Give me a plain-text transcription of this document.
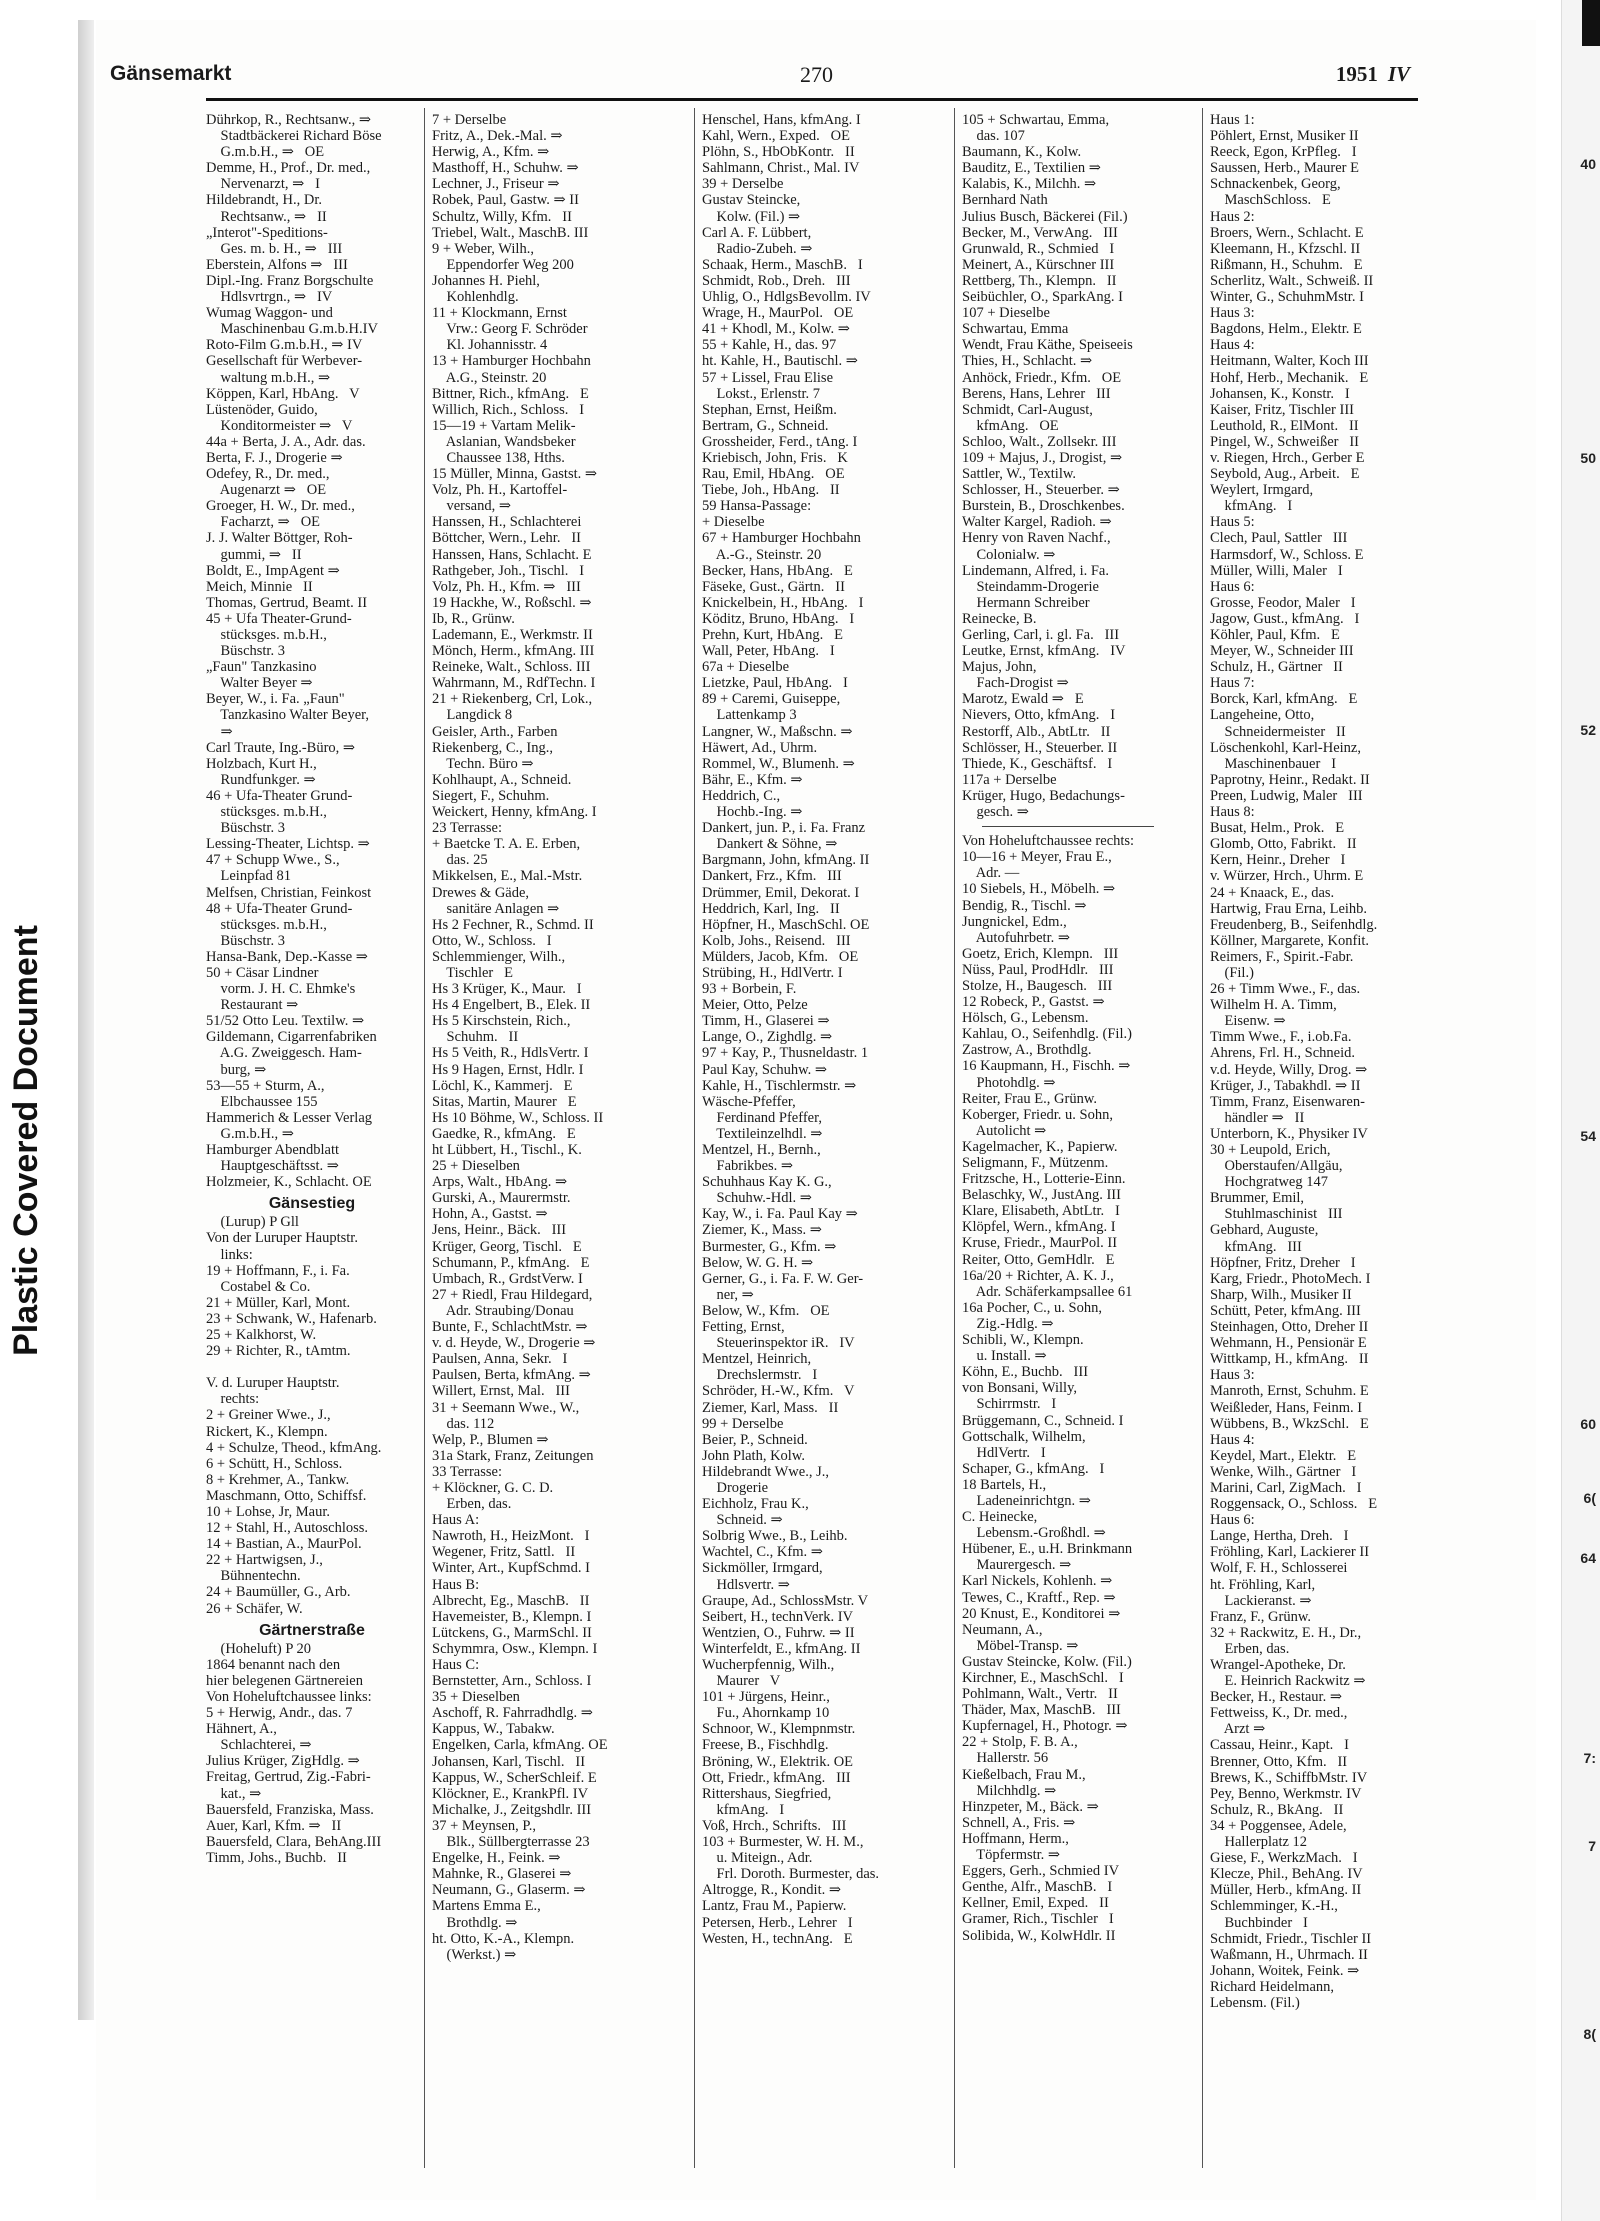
Plastic Covered Document
40
50
52
54
60
6(
64
7:
7
8(
Gänsemarkt	270	1951 IV
Dührkop, R., Rechtsanw., ⇒
Stadtbäckerei Richard Böse
G.m.b.H., ⇒   OE
Demme, H., Prof., Dr. med.,
Nervenarzt, ⇒   I
Hildebrandt, H., Dr.
Rechtsanw., ⇒   II
„Interot"-Speditions-
Ges. m. b. H., ⇒   III
Eberstein, Alfons ⇒   III
Dipl.-Ing. Franz Borgschulte
Hdlsvrtrgn., ⇒   IV
Wumag Waggon- und
Maschinenbau G.m.b.H.IV
Roto-Film G.m.b.H., ⇒ IV
Gesellschaft für Werbever-
waltung m.b.H., ⇒
Köppen, Karl, HbAng.   V
Lüstenöder, Guido,
Konditormeister ⇒   V
44a + Berta, J. A., Adr. das.
Berta, F. J., Drogerie ⇒
Odefey, R., Dr. med.,
Augenarzt ⇒   OE
Groeger, H. W., Dr. med.,
Facharzt, ⇒   OE
J. J. Walter Böttger, Roh-
gummi, ⇒   II
Boldt, E., ImpAgent ⇒
Meich, Minnie   II
Thomas, Gertrud, Beamt. II
45 + Ufa Theater-Grund-
stücksges. m.b.H.,
Büschstr. 3
„Faun" Tanzkasino
Walter Beyer ⇒
Beyer, W., i. Fa. „Faun"
Tanzkasino Walter Beyer,
⇒
Carl Traute, Ing.-Büro, ⇒
Holzbach, Kurt H.,
Rundfunkger. ⇒
46 + Ufa-Theater Grund-
stücksges. m.b.H.,
Büschstr. 3
Lessing-Theater, Lichtsp. ⇒
47 + Schupp Wwe., S.,
Leinpfad 81
Melfsen, Christian, Feinkost
48 + Ufa-Theater Grund-
stücksges. m.b.H.,
Büschstr. 3
Hansa-Bank, Dep.-Kasse ⇒
50 + Cäsar Lindner
vorm. J. H. C. Ehmke's
Restaurant ⇒
51/52 Otto Leu. Textilw. ⇒
Gildemann, Cigarrenfabriken
A.G. Zweiggesch. Ham-
burg, ⇒
53—55 + Sturm, A.,
Elbchaussee 155
Hammerich & Lesser Verlag
G.m.b.H., ⇒
Hamburger Abendblatt
Hauptgeschäftsst. ⇒
Holzmeier, K., Schlacht. OE
Gänsestieg
(Lurup) P Gll
Von der Luruper Hauptstr.
links:
19 + Hoffmann, F., i. Fa.
Costabel & Co.
21 + Müller, Karl, Mont.
23 + Schwank, W., Hafenarb.
25 + Kalkhorst, W.
29 + Richter, R., tAmtm.
V. d. Luruper Hauptstr.
rechts:
2 + Greiner Wwe., J.,
Rickert, K., Klempn.
4 + Schulze, Theod., kfmAng.
6 + Schütt, H., Schloss.
8 + Krehmer, A., Tankw.
Maschmann, Otto, Schiffsf.
10 + Lohse, Jr, Maur.
12 + Stahl, H., Autoschloss.
14 + Bastian, A., MaurPol.
22 + Hartwigsen, J.,
Bühnentechn.
24 + Baumüller, G., Arb.
26 + Schäfer, W.
Gärtnerstraße
(Hoheluft) P 20
1864 benannt nach den
hier belegenen Gärtnereien
Von Hoheluftchaussee links:
5 + Herwig, Andr., das. 7
Hähnert, A.,
Schlachterei, ⇒
Julius Krüger, ZigHdlg. ⇒
Freitag, Gertrud, Zig.-Fabri-
kat., ⇒
Bauersfeld, Franziska, Mass.
Auer, Karl, Kfm. ⇒   II
Bauersfeld, Clara, BehAng.III
Timm, Johs., Buchb.   II
7 + Derselbe
Fritz, A., Dek.-Mal. ⇒
Herwig, A., Kfm. ⇒
Masthoff, H., Schuhw. ⇒
Lechner, J., Friseur ⇒
Robek, Paul, Gastw. ⇒ II
Schultz, Willy, Kfm.   II
Triebel, Walt., MaschB. III
9 + Weber, Wilh.,
Eppendorfer Weg 200
Johannes H. Piehl,
Kohlenhdlg.
11 + Klockmann, Ernst
Vrw.: Georg F. Schröder
Kl. Johannisstr. 4
13 + Hamburger Hochbahn
A.G., Steinstr. 20
Bittner, Rich., kfmAng.   E
Willich, Rich., Schloss.   I
15—19 + Vartam Melik-
Aslanian, Wandsbeker
Chaussee 138, Hths.
15 Müller, Minna, Gastst. ⇒
Volz, Ph. H., Kartoffel-
versand, ⇒
Hanssen, H., Schlachterei
Böttcher, Wern., Lehr.   II
Hanssen, Hans, Schlacht. E
Rathgeber, Joh., Tischl.   I
Volz, Ph. H., Kfm. ⇒   III
19 Hackhe, W., Roßschl. ⇒
Ib, R., Grünw.
Lademann, E., Werkmstr. II
Mönch, Herm., kfmAng. III
Reineke, Walt., Schloss. III
Wahrmann, M., RdfTechn. I
21 + Riekenberg, Crl, Lok.,
Langdick 8
Geisler, Arth., Farben
Riekenberg, C., Ing.,
Techn. Büro ⇒
Kohlhaupt, A., Schneid.
Siegert, F., Schuhm.
Weickert, Henny, kfmAng. I
23 Terrasse:
+ Baetcke T. A. E. Erben,
das. 25
Mikkelsen, E., Mal.-Mstr.
Drewes & Gäde,
sanitäre Anlagen ⇒
Hs 2 Fechner, R., Schmd. II
Otto, W., Schloss.   I
Schlemmienger, Wilh.,
Tischler   E
Hs 3 Krüger, K., Maur.   I
Hs 4 Engelbert, B., Elek. II
Hs 5 Kirschstein, Rich.,
Schuhm.   II
Hs 5 Veith, R., HdlsVertr. I
Hs 9 Hagen, Ernst, Hdlr. I
Löchl, K., Kammerj.   E
Sitas, Martin, Maurer   E
Hs 10 Böhme, W., Schloss. II
Gaedke, R., kfmAng.   E
ht Lübbert, H., Tischl., K.
25 + Dieselben
Arps, Walt., HbAng. ⇒
Gurski, A., Maurermstr.
Hohn, A., Gastst. ⇒
Jens, Heinr., Bäck.   III
Krüger, Georg, Tischl.   E
Schumann, P., kfmAng.   E
Umbach, R., GrdstVerw. I
27 + Riedl, Frau Hildegard,
Adr. Straubing/Donau
Bunte, F., SchlachtMstr. ⇒
v. d. Heyde, W., Drogerie ⇒
Paulsen, Anna, Sekr.   I
Paulsen, Berta, kfmAng. ⇒
Willert, Ernst, Mal.   III
31 + Seemann Wwe., W.,
das. 112
Welp, P., Blumen ⇒
31a Stark, Franz, Zeitungen
33 Terrasse:
+ Klöckner, G. C. D.
Erben, das.
Haus A:
Nawroth, H., HeizMont.   I
Wegener, Fritz, Sattl.   II
Winter, Art., KupfSchmd. I
Haus B:
Albrecht, Eg., MaschB.   II
Havemeister, B., Klempn. I
Lütckens, G., MarmSchl. II
Schymmra, Osw., Klempn. I
Haus C:
Bernstetter, Arn., Schloss. I
35 + Dieselben
Aschoff, R. Fahrradhdlg. ⇒
Kappus, W., Tabakw.
Engelken, Carla, kfmAng. OE
Johansen, Karl, Tischl.   II
Kappus, W., ScherSchleif. E
Klöckner, E., KrankPfl. IV
Michalke, J., Zeitgshdlr. III
37 + Meynsen, P.,
Blk., Süllbergterrasse 23
Engelke, H., Feink. ⇒
Mahnke, R., Glaserei ⇒
Neumann, G., Glaserm. ⇒
Martens Emma E.,
Brothdlg. ⇒
ht. Otto, K.-A., Klempn.
(Werkst.) ⇒
Henschel, Hans, kfmAng. I
Kahl, Wern., Exped.   OE
Plöhn, S., HbObKontr.   II
Sahlmann, Christ., Mal. IV
39 + Derselbe
Gustav Steincke,
Kolw. (Fil.) ⇒
Carl A. F. Lübbert,
Radio-Zubeh. ⇒
Schaak, Herm., MaschB.   I
Schmidt, Rob., Dreh.   III
Uhlig, O., HdlgsBevollm. IV
Wrage, H., MaurPol.   OE
41 + Khodl, M., Kolw. ⇒
55 + Kahle, H., das. 97
ht. Kahle, H., Bautischl. ⇒
57 + Lissel, Frau Elise
Lokst., Erlenstr. 7
Stephan, Ernst, Heißm.
Bertram, G., Schneid.
Grossheider, Ferd., tAng. I
Kriebisch, John, Fris.   K
Rau, Emil, HbAng.   OE
Tiebe, Joh., HbAng.   II
59 Hansa-Passage:
+ Dieselbe
67 + Hamburger Hochbahn
A.-G., Steinstr. 20
Becker, Hans, HbAng.   E
Fäseke, Gust., Gärtn.   II
Knickelbein, H., HbAng.   I
Köditz, Bruno, HbAng.   I
Prehn, Kurt, HbAng.   E
Wall, Peter, HbAng.   I
67a + Dieselbe
Lietzke, Paul, HbAng.   I
89 + Caremi, Guiseppe,
Lattenkamp 3
Langner, W., Maßschn. ⇒
Häwert, Ad., Uhrm.
Rommel, W., Blumenh. ⇒
Bähr, E., Kfm. ⇒
Heddrich, C.,
Hochb.-Ing. ⇒
Dankert, jun. P., i. Fa. Franz
Dankert & Söhne, ⇒
Bargmann, John, kfmAng. II
Dankert, Frz., Kfm.   III
Drümmer, Emil, Dekorat. I
Heddrich, Karl, Ing.   II
Höpfner, H., MaschSchl. OE
Kolb, Johs., Reisend.   III
Mülders, Jacob, Kfm.   OE
Strübing, H., HdlVertr. I
93 + Borbein, F.
Meier, Otto, Pelze
Timm, H., Glaserei ⇒
Lange, O., Zighdlg. ⇒
97 + Kay, P., Thusneldastr. 1
Paul Kay, Schuhw. ⇒
Kahle, H., Tischlermstr. ⇒
Wäsche-Pfeffer,
Ferdinand Pfeffer,
Textileinzelhdl. ⇒
Mentzel, H., Bernh.,
Fabrikbes. ⇒
Schuhhaus Kay K. G.,
Schuhw.-Hdl. ⇒
Kay, W., i. Fa. Paul Kay ⇒
Ziemer, K., Mass. ⇒
Burmester, G., Kfm. ⇒
Below, W. G. H. ⇒
Gerner, G., i. Fa. F. W. Ger-
ner, ⇒
Below, W., Kfm.   OE
Fetting, Ernst,
Steuerinspektor iR.   IV
Mentzel, Heinrich,
Drechslermstr.   I
Schröder, H.-W., Kfm.   V
Ziemer, Karl, Mass.   II
99 + Derselbe
Beier, P., Schneid.
John Plath, Kolw.
Hildebrandt Wwe., J.,
Drogerie
Eichholz, Frau K.,
Schneid. ⇒
Solbrig Wwe., B., Leihb.
Wachtel, C., Kfm. ⇒
Sickmöller, Irmgard,
Hdlsvertr. ⇒
Graupe, Ad., SchlossMstr. V
Seibert, H., technVerk. IV
Wentzien, O., Fuhrw. ⇒ II
Winterfeldt, E., kfmAng. II
Wucherpfennig, Wilh.,
Maurer   V
101 + Jürgens, Heinr.,
Fu., Ahornkamp 10
Schnoor, W., Klempnmstr.
Freese, B., Fischhdlg.
Bröning, W., Elektrik. OE
Ott, Friedr., kfmAng.   III
Rittershaus, Siegfried,
kfmAng.   I
Voß, Hrch., Schrifts.   III
103 + Burmester, W. H. M.,
u. Miteign., Adr.
Frl. Doroth. Burmester, das.
Altrogge, R., Kondit. ⇒
Lantz, Frau M., Papierw.
Petersen, Herb., Lehrer   I
Westen, H., technAng.   E
105 + Schwartau, Emma,
das. 107
Baumann, K., Kolw.
Bauditz, E., Textilien ⇒
Kalabis, K., Milchh. ⇒
Bernhard Nath
Julius Busch, Bäckerei (Fil.)
Becker, M., VerwAng.   III
Grunwald, R., Schmied   I
Meinert, A., Kürschner III
Rettberg, Th., Klempn.   II
Seibüchler, O., SparkAng. I
107 + Dieselbe
Schwartau, Emma
Wendt, Frau Käthe, Speiseeis
Thies, H., Schlacht. ⇒
Anhöck, Friedr., Kfm.   OE
Berens, Hans, Lehrer   III
Schmidt, Carl-August,
kfmAng.   OE
Schloo, Walt., Zollsekr. III
109 + Majus, J., Drogist, ⇒
Sattler, W., Textilw.
Schlosser, H., Steuerber. ⇒
Burstein, B., Droschkenbes.
Walter Kargel, Radioh. ⇒
Henry von Raven Nachf.,
Colonialw. ⇒
Lindemann, Alfred, i. Fa.
Steindamm-Drogerie
Hermann Schreiber
Reinecke, B.
Gerling, Carl, i. gl. Fa.   III
Leutke, Ernst, kfmAng.   IV
Majus, John,
Fach-Drogist ⇒
Marotz, Ewald ⇒   E
Nievers, Otto, kfmAng.   I
Restorff, Alb., AbtLtr.   II
Schlösser, H., Steuerber. II
Thiede, K., Geschäftsf.   I
117a + Derselbe
Krüger, Hugo, Bedachungs-
gesch. ⇒
Von Hoheluftchaussee rechts:
10—16 + Meyer, Frau E.,
Adr. —
10 Siebels, H., Möbelh. ⇒
Bendig, R., Tischl. ⇒
Jungnickel, Edm.,
Autofuhrbetr. ⇒
Goetz, Erich, Klempn.   III
Nüss, Paul, ProdHdlr.   III
Stolze, H., Baugesch.   III
12 Robeck, P., Gastst. ⇒
Hölsch, G., Lebensm.
Kahlau, O., Seifenhdlg. (Fil.)
Zastrow, A., Brothdlg.
16 Kaupmann, H., Fischh. ⇒
Photohdlg. ⇒
Reiter, Frau E., Grünw.
Koberger, Friedr. u. Sohn,
Autolicht ⇒
Kagelmacher, K., Papierw.
Seligmann, F., Mützenm.
Fritzsche, H., Lotterie-Einn.
Belaschky, W., JustAng. III
Klare, Elisabeth, AbtLtr.   I
Klöpfel, Wern., kfmAng. I
Kruse, Friedr., MaurPol. II
Reiter, Otto, GemHdlr.   E
16a/20 + Richter, A. K. J.,
Adr. Schäferkampsallee 61
16a Pocher, C., u. Sohn,
Zig.-Hdlg. ⇒
Schibli, W., Klempn.
u. Install. ⇒
Köhn, E., Buchb.   III
von Bonsani, Willy,
Schirrmstr.   I
Brüggemann, C., Schneid. I
Gottschalk, Wilhelm,
HdlVertr.   I
Schaper, G., kfmAng.   I
18 Bartels, H.,
Ladeneinrichtgn. ⇒
C. Heinecke,
Lebensm.-Großhdl. ⇒
Hübener, E., u.H. Brinkmann
Maurergesch. ⇒
Karl Nickels, Kohlenh. ⇒
Tewes, C., Kraftf., Rep. ⇒
20 Knust, E., Konditorei ⇒
Neumann, A.,
Möbel-Transp. ⇒
Gustav Steincke, Kolw. (Fil.)
Kirchner, E., MaschSchl.   I
Pohlmann, Walt., Vertr.   II
Thäder, Max, MaschB.   III
Kupfernagel, H., Photogr. ⇒
22 + Stolp, F. B. A.,
Hallerstr. 56
Kießelbach, Frau M.,
Milchhdlg. ⇒
Hinzpeter, M., Bäck. ⇒
Schnell, A., Fris. ⇒
Hoffmann, Herm.,
Töpfermstr. ⇒
Eggers, Gerh., Schmied IV
Genthe, Alfr., MaschB.   I
Kellner, Emil, Exped.   II
Gramer, Rich., Tischler   I
Solibida, W., KolwHdlr. II
Haus 1:
Pöhlert, Ernst, Musiker II
Reeck, Egon, KrPfleg.   I
Saussen, Herb., Maurer E
Schnackenbek, Georg,
MaschSchloss.   E
Haus 2:
Broers, Wern., Schlacht. E
Kleemann, H., Kfzschl. II
Rißmann, H., Schuhm.   E
Scherlitz, Walt., Schweiß. II
Winter, G., SchuhmMstr. I
Haus 3:
Bagdons, Helm., Elektr. E
Haus 4:
Heitmann, Walter, Koch III
Hohf, Herb., Mechanik.   E
Johansen, K., Konstr.   I
Kaiser, Fritz, Tischler III
Leuthold, R., ElMont.   II
Pingel, W., Schweißer   II
v. Riegen, Hrch., Gerber E
Seybold, Aug., Arbeit.   E
Weylert, Irmgard,
kfmAng.   I
Haus 5:
Clech, Paul, Sattler   III
Harmsdorf, W., Schloss. E
Müller, Willi, Maler   I
Haus 6:
Grosse, Feodor, Maler   I
Jagow, Gust., kfmAng.   I
Köhler, Paul, Kfm.   E
Meyer, W., Schneider III
Schulz, H., Gärtner   II
Haus 7:
Borck, Karl, kfmAng.   E
Langeheine, Otto,
Schneidermeister   II
Löschenkohl, Karl-Heinz,
Maschinenbauer   I
Paprotny, Heinr., Redakt. II
Preen, Ludwig, Maler   III
Haus 8:
Busat, Helm., Prok.   E
Glomb, Otto, Fabrikt.   II
Kern, Heinr., Dreher   I
v. Würzer, Hrch., Uhrm. E
24 + Knaack, E., das.
Hartwig, Frau Erna, Leihb.
Freudenberg, B., Seifenhdlg.
Köllner, Margarete, Konfit.
Reimers, F., Spirit.-Fabr.
(Fil.)
26 + Timm Wwe., F., das.
Wilhelm H. A. Timm,
Eisenw. ⇒
Timm Wwe., F., i.ob.Fa.
Ahrens, Frl. H., Schneid.
v.d. Heyde, Willy, Drog. ⇒
Krüger, J., Tabakhdl. ⇒ II
Timm, Franz, Eisenwaren-
händler ⇒   II
Unterborn, K., Physiker IV
30 + Leupold, Erich,
Oberstaufen/Allgäu,
Hochgratweg 147
Brummer, Emil,
Stuhlmaschinist   III
Gebhard, Auguste,
kfmAng.   III
Höpfner, Fritz, Dreher   I
Karg, Friedr., PhotoMech. I
Sharp, Wilh., Musiker II
Schütt, Peter, kfmAng. III
Steinhagen, Otto, Dreher II
Wehmann, H., Pensionär E
Wittkamp, H., kfmAng.   II
Haus 3:
Manroth, Ernst, Schuhm. E
Weißleder, Hans, Feinm. I
Wübbens, B., WkzSchl.   E
Haus 4:
Keydel, Mart., Elektr.   E
Wenke, Wilh., Gärtner   I
Marini, Carl, ZigMach.   I
Roggensack, O., Schloss.   E
Haus 6:
Lange, Hertha, Dreh.   I
Fröhling, Karl, Lackierer II
Wolf, F. H., Schlosserei
ht. Fröhling, Karl,
Lackieranst. ⇒
Franz, F., Grünw.
32 + Rackwitz, E. H., Dr.,
Erben, das.
Wrangel-Apotheke, Dr.
E. Heinrich Rackwitz ⇒
Becker, H., Restaur. ⇒
Fettweiss, K., Dr. med.,
Arzt ⇒
Cassau, Heinr., Kapt.   I
Brenner, Otto, Kfm.   II
Brews, K., SchiffbMstr. IV
Pey, Benno, Werkmstr. IV
Schulz, R., BkAng.   II
34 + Poggensee, Adele,
Hallerplatz 12
Giese, F., WerkzMach.   I
Klecze, Phil., BehAng. IV
Müller, Herb., kfmAng. II
Schlemminger, K.-H.,
Buchbinder   I
Schmidt, Friedr., Tischler II
Waßmann, H., Uhrmach. II
Johann, Woitek, Feink. ⇒
Richard Heidelmann,
Lebensm. (Fil.)
